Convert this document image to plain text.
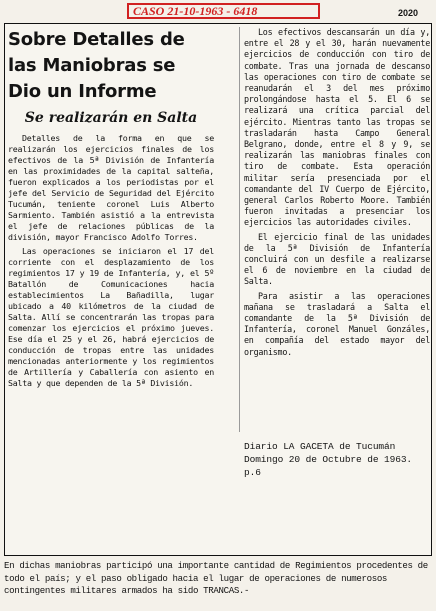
CASO 21-10-1963 - 6418	2020
Sobre Detalles de las Maniobras se Dio un Informe
Se realizarán en Salta

Detalles de la forma en que se realizarán los ejercicios finales de los efectivos de la 5ª División de Infantería en las proximidades de la capital salteña, fueron explicados a los periodistas por el jefe del Servicio de Seguridad del Ejército Tucumán, teniente coronel Luis Alberto Sarmiento. También asistió a la entrevista el jefe de relaciones públicas de la división, mayor Francisco Adolfo Torres.

Las operaciones se iniciaron el 17 del corriente con el desplazamiento de los regimientos 17 y 19 de Infantería, y, el 5º Batallón de Comunicaciones hacia establecimientos La Bañadilla, lugar ubicado a 40 kilómetros de la ciudad de Salta. Allí se concentrarán las tropas para comenzar los ejercicios el próximo jueves. Ese día el 25 y el 26, habrá ejercicios de conducción de tropas entre las unidades mencionadas anteriormente y los regimientos de Artillería y Caballería con asiento en Salta y que dependen de la 5ª División.

Los efectivos descansarán un día y, entre el 28 y el 30, harán nuevamente ejercicios de conducción con tiro de combate. Tras una jornada de descanso las operaciones con tiro de combate se reanudarán el 3 del mes próximo prolongándose hasta el 5. El 6 se realizará una crítica parcial del ejército. Mientras tanto las tropas se trasladarán hasta Campo General Belgrano, donde, entre el 8 y 9, se realizarán las maniobras finales con tiro de combate. Esta operación militar sería presenciada por el comandante del IV Cuerpo de Ejército, general Carlos Roberto Moore. También fueron invitadas a presenciar los ejercicios las autoridades civiles.

El ejercicio final de las unidades de la 5ª División de Infantería concluirá con un desfile a realizarse el 6 de noviembre en la ciudad de Salta.

Para asistir a las operaciones mañana se trasladará a Salta el comandante de la 5ª División de Infantería, coronel Manuel Gonzáles, en compañía del estado mayor del organismo.

Diario LA GACETA de Tucumán Domingo 20 de Octubre de 1963. p.6
En dichas maniobras participó una importante cantidad de Regimientos procedentes de todo el país; y el paso obligado hacia el lugar de operaciones de numerosos contingentes militares armados ha sido TRANCAS.-
